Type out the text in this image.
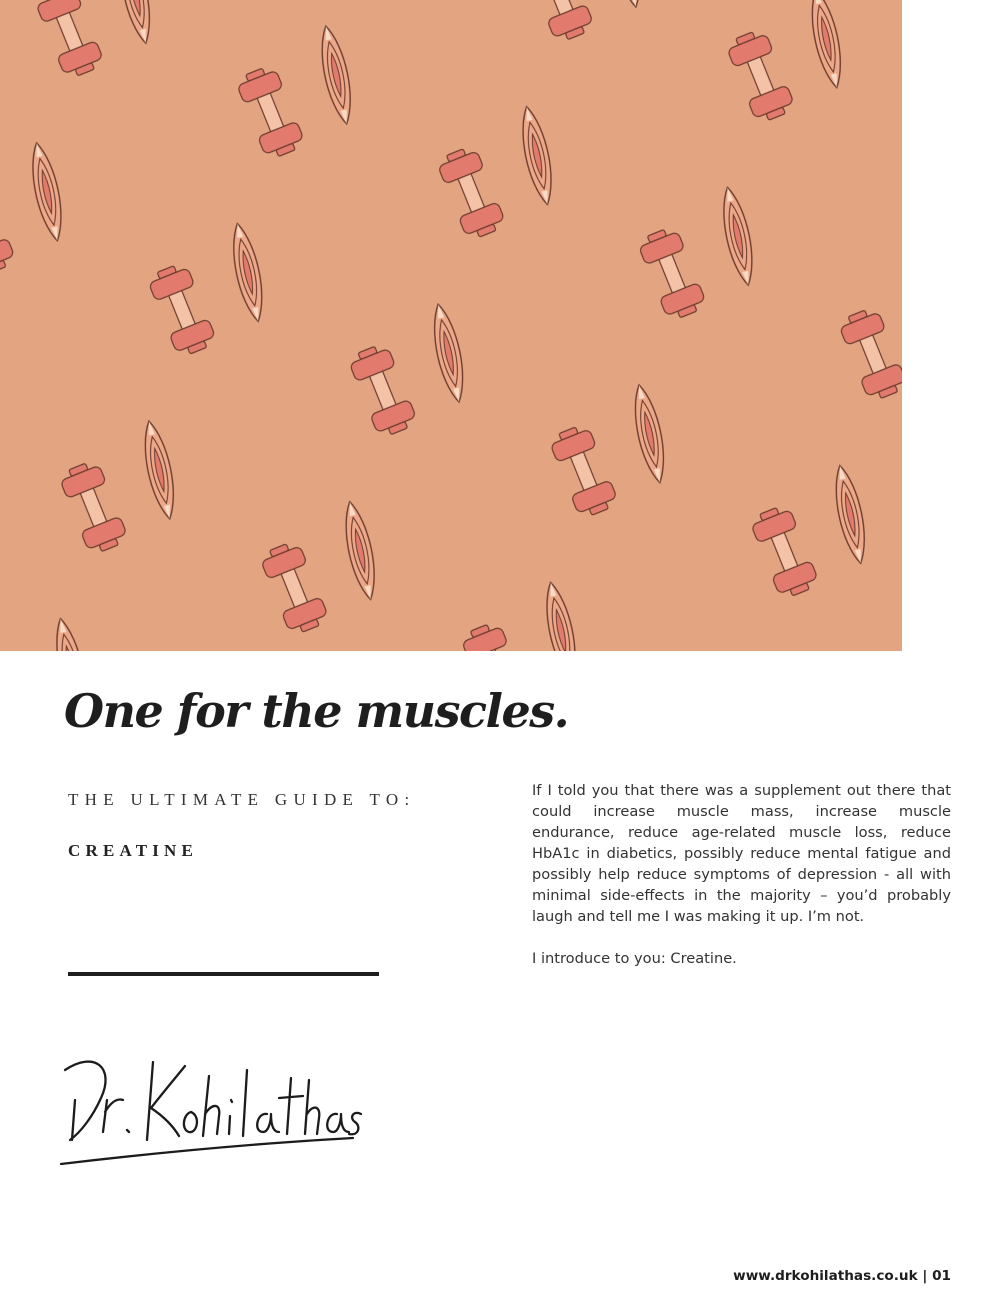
One for the muscles.
THE ULTIMATE GUIDE TO:
CREATINE

If I told you that there was a supplement out there that could increase muscle mass, increase muscle endurance, reduce age-related muscle loss, reduce HbA1c in diabetics, possibly reduce mental fatigue and possibly help reduce symptoms of depression - all with minimal side-effects in the majority – you’d probably laugh and tell me I was making it up. I’m not.

I introduce to you: Creatine.

www.drkohilathas.co.uk | 01
